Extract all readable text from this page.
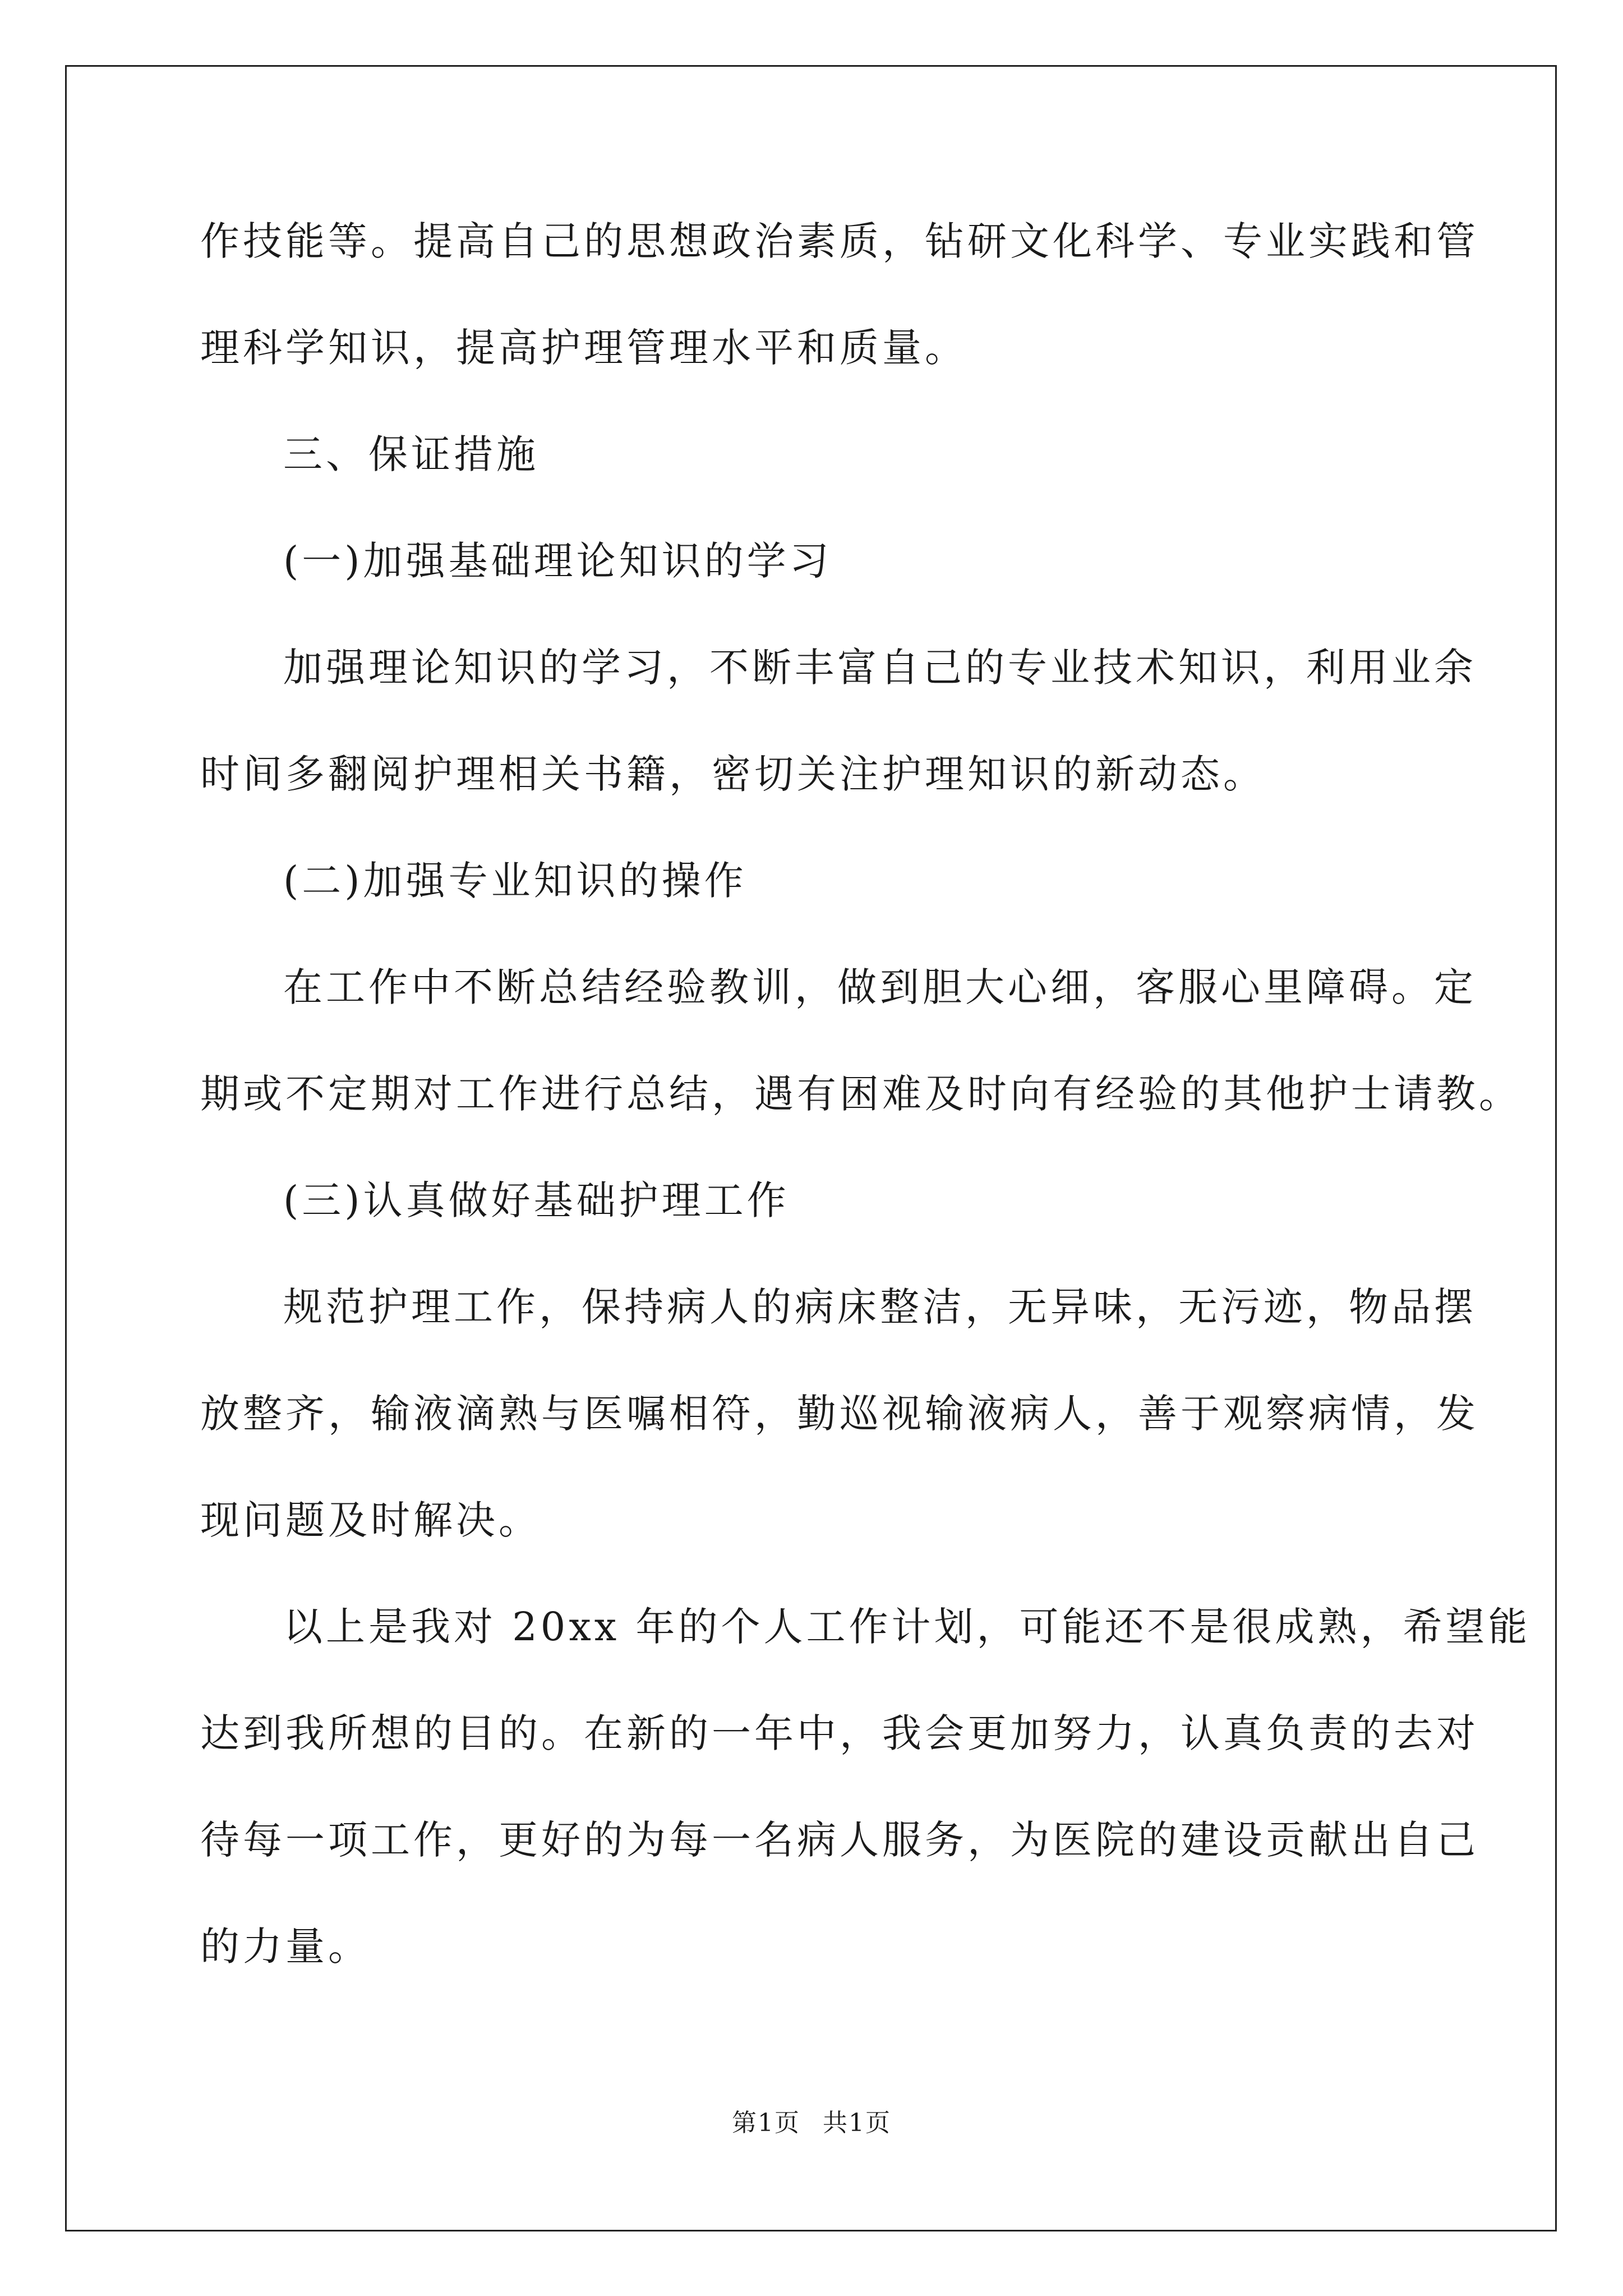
作技能等。提高自己的思想政治素质，钻研文化科学、专业实践和管
理科学知识，提高护理管理水平和质量。
三、保证措施
(一)加强基础理论知识的学习
加强理论知识的学习，不断丰富自己的专业技术知识，利用业余
时间多翻阅护理相关书籍，密切关注护理知识的新动态。
(二)加强专业知识的操作
在工作中不断总结经验教训，做到胆大心细，客服心里障碍。定
期或不定期对工作进行总结，遇有困难及时向有经验的其他护士请教。
(三)认真做好基础护理工作
规范护理工作，保持病人的病床整洁，无异味，无污迹，物品摆
放整齐，输液滴熟与医嘱相符，勤巡视输液病人，善于观察病情，发
现问题及时解决。
以上是我对 20xx 年的个人工作计划，可能还不是很成熟，希望能
达到我所想的目的。在新的一年中，我会更加努力，认真负责的去对
待每一项工作，更好的为每一名病人服务，为医院的建设贡献出自己
的力量。
第1页 共1页
